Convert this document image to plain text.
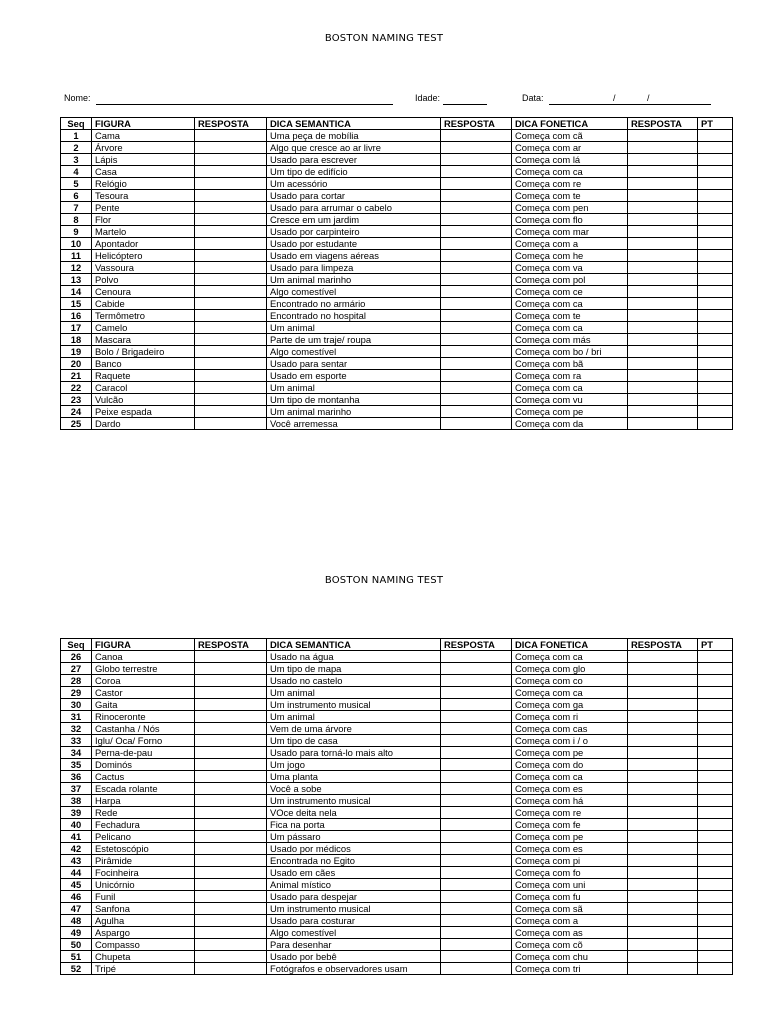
BOSTON NAMING TEST
Nome:	Idade:	Data:	/	/
Seq	FIGURA	RESPOSTA	DICA SEMANTICA	RESPOSTA	DICA FONETICA	RESPOSTA	PT
1	Cama		Uma peça de mobília		Começa com cã		
2	Árvore		Algo que cresce ao ar livre		Começa com ar		
3	Lápis		Usado para escrever		Começa com lá		
4	Casa		Um tipo de edifício		Começa com ca		
5	Relógio		Um acessório		Começa com re		
6	Tesoura		Usado para cortar		Começa com te		
7	Pente		Usado para arrumar o cabelo		Começa com pen		
8	Flor		Cresce em um jardim		Começa com flo		
9	Martelo		Usado por carpinteiro		Começa com mar		
10	Apontador		Usado por estudante		Começa com a		
11	Helicóptero		Usado em viagens aéreas		Começa com he		
12	Vassoura		Usado para limpeza		Começa com va		
13	Polvo		Um animal marinho		Começa com pol		
14	Cenoura		Algo comestível		Começa com ce		
15	Cabide		Encontrado no armário		Começa com ca		
16	Termômetro		Encontrado no hospital		Começa com te		
17	Camelo		Um animal		Começa com ca		
18	Mascara		Parte de um traje/ roupa		Começa com más		
19	Bolo / Brigadeiro		Algo comestível		Começa com bo / bri		
20	Banco		Usado para sentar		Começa com bã		
21	Raquete		Usado em esporte		Começa com ra		
22	Caracol		Um animal		Começa com ca		
23	Vulcão		Um tipo de montanha		Começa com vu		
24	Peixe espada		Um animal marinho		Começa com pe		
25	Dardo		Você arremessa		Começa com da		
BOSTON NAMING TEST
Seq	FIGURA	RESPOSTA	DICA SEMANTICA	RESPOSTA	DICA FONETICA	RESPOSTA	PT
26	Canoa		Usado na água		Começa com ca		
27	Globo terrestre		Um tipo de mapa		Começa com glo		
28	Coroa		Usado no castelo		Começa com co		
29	Castor		Um animal		Começa com ca		
30	Gaita		Um instrumento musical		Começa com ga		
31	Rinoceronte		Um animal		Começa com ri		
32	Castanha / Nós		Vem de uma árvore		Começa com cas		
33	Iglu/ Oca/ Forno		Um tipo de casa		Começa com i / o		
34	Perna-de-pau		Usado para torná-lo mais alto		Começa com pe		
35	Dominós		Um jogo		Começa com do		
36	Cactus		Uma planta		Começa com ca		
37	Escada rolante		Você a sobe		Começa com es		
38	Harpa		Um instrumento musical		Começa com há		
39	Rede		VOce deita nela		Começa com re		
40	Fechadura		Fica na porta		Começa com fe		
41	Pelicano		Um pássaro		Começa com pe		
42	Estetoscópio		Usado por médicos		Começa com es		
43	Pirâmide		Encontrada no Egito		Começa com pi		
44	Focinheira		Usado em cães		Começa com fo		
45	Unicórnio		Animal místico		Começa com uni		
46	Funil		Usado para despejar		Começa com fu		
47	Sanfona		Um instrumento musical		Começa com sã		
48	Agulha		Usado para costurar		Começa com a		
49	Aspargo		Algo comestível		Começa com as		
50	Compasso		Para desenhar		Começa com cõ		
51	Chupeta		Usado por bebê		Começa com chu		
52	Tripé		Fotógrafos e observadores usam		Começa com tri		
